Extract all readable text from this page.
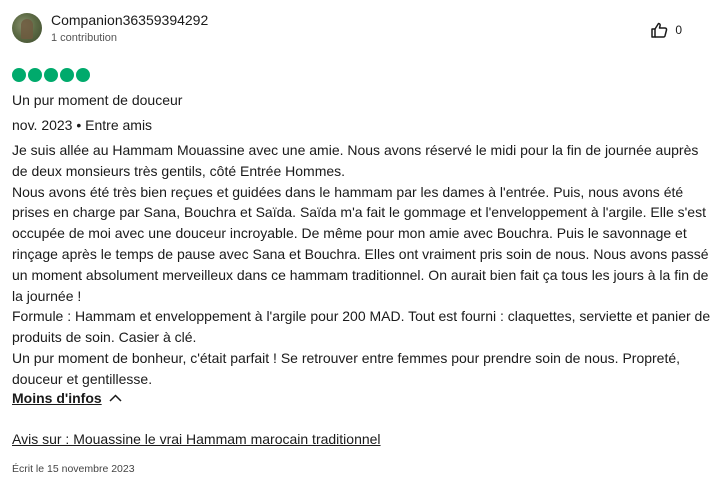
Companion36359394292
1 contribution
0
Un pur moment de douceur
nov. 2023 • Entre amis

Je suis allée au Hammam Mouassine avec une amie. Nous avons réservé le midi pour la fin de journée auprès de deux monsieurs très gentils, côté Entrée Hommes.

Nous avons été très bien reçues et guidées dans le hammam par les dames à l'entrée. Puis, nous avons été prises en charge par Sana, Bouchra et Saïda. Saïda m'a fait le gommage et l'enveloppement à l'argile. Elle s'est occupée de moi avec une douceur incroyable. De même pour mon amie avec Bouchra. Puis le savonnage et rinçage après le temps de pause avec Sana et Bouchra. Elles ont vraiment pris soin de nous. Nous avons passé un moment absolument merveilleux dans ce hammam traditionnel. On aurait bien fait ça tous les jours à la fin de la journée !

Formule : Hammam et enveloppement à l'argile pour 200 MAD. Tout est fourni : claquettes, serviette et panier de produits de soin. Casier à clé.

Un pur moment de bonheur, c'était parfait ! Se retrouver entre femmes pour prendre soin de nous. Propreté, douceur et gentillesse.

Moins d'infos
Avis sur : Mouassine le vrai Hammam marocain traditionnel
Écrit le 15 novembre 2023
